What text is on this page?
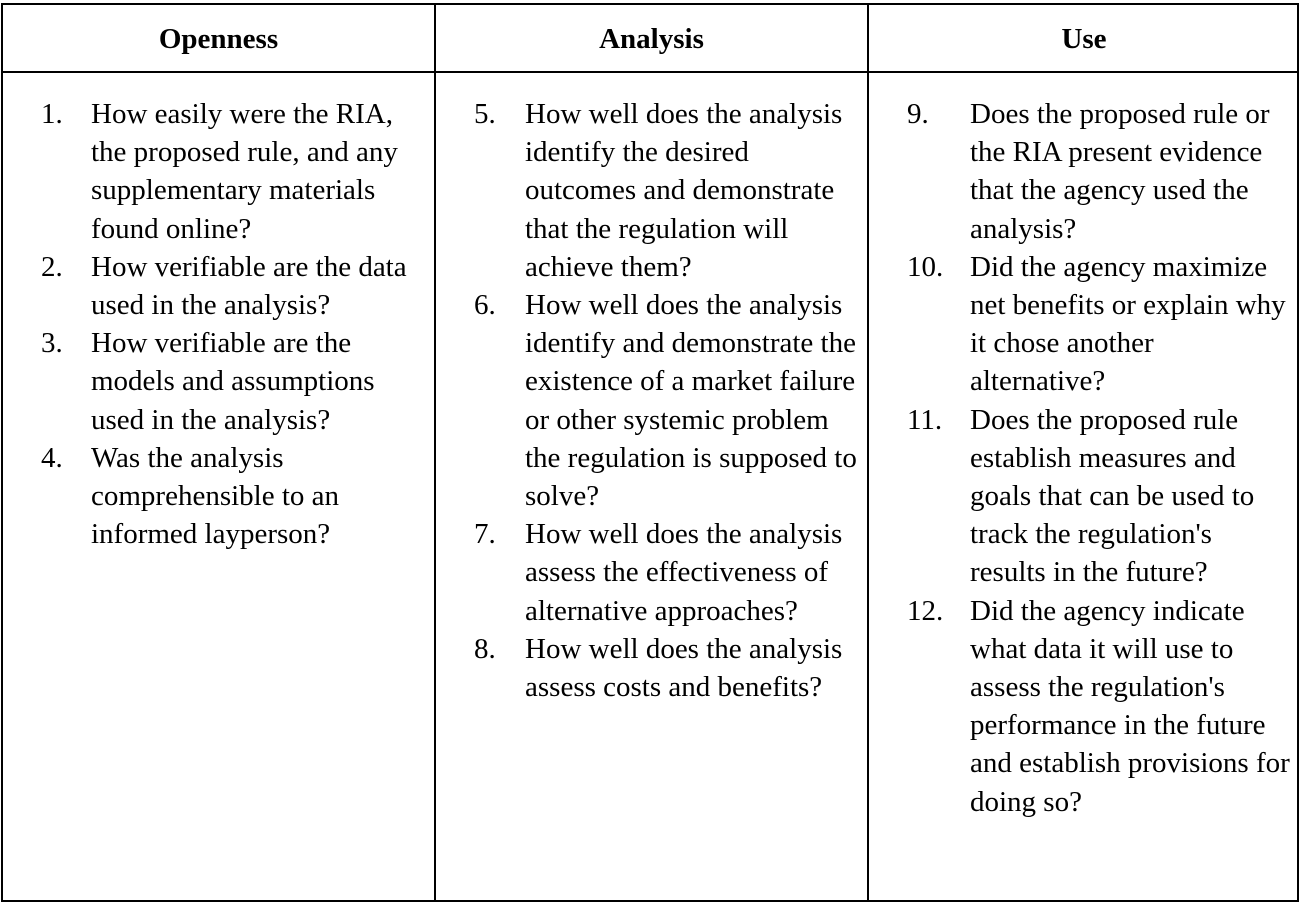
Openness	Analysis	Use
1. How easily were the RIA, the proposed rule, and any supplementary materials found online?
2. How verifiable are the data used in the analysis?
3. How verifiable are the models and assumptions used in the analysis?
4. Was the analysis comprehensible to an informed layperson?
5. How well does the analysis identify the desired outcomes and demonstrate that the regulation will achieve them?
6. How well does the analysis identify and demonstrate the existence of a market failure or other systemic problem the regulation is supposed to solve?
7. How well does the analysis assess the effectiveness of alternative approaches?
8. How well does the analysis assess costs and benefits?
9. Does the proposed rule or the RIA present evidence that the agency used the analysis?
10. Did the agency maximize net benefits or explain why it chose another alternative?
11. Does the proposed rule establish measures and goals that can be used to track the regulation's results in the future?
12. Did the agency indicate what data it will use to assess the regulation's performance in the future and establish provisions for doing so?
